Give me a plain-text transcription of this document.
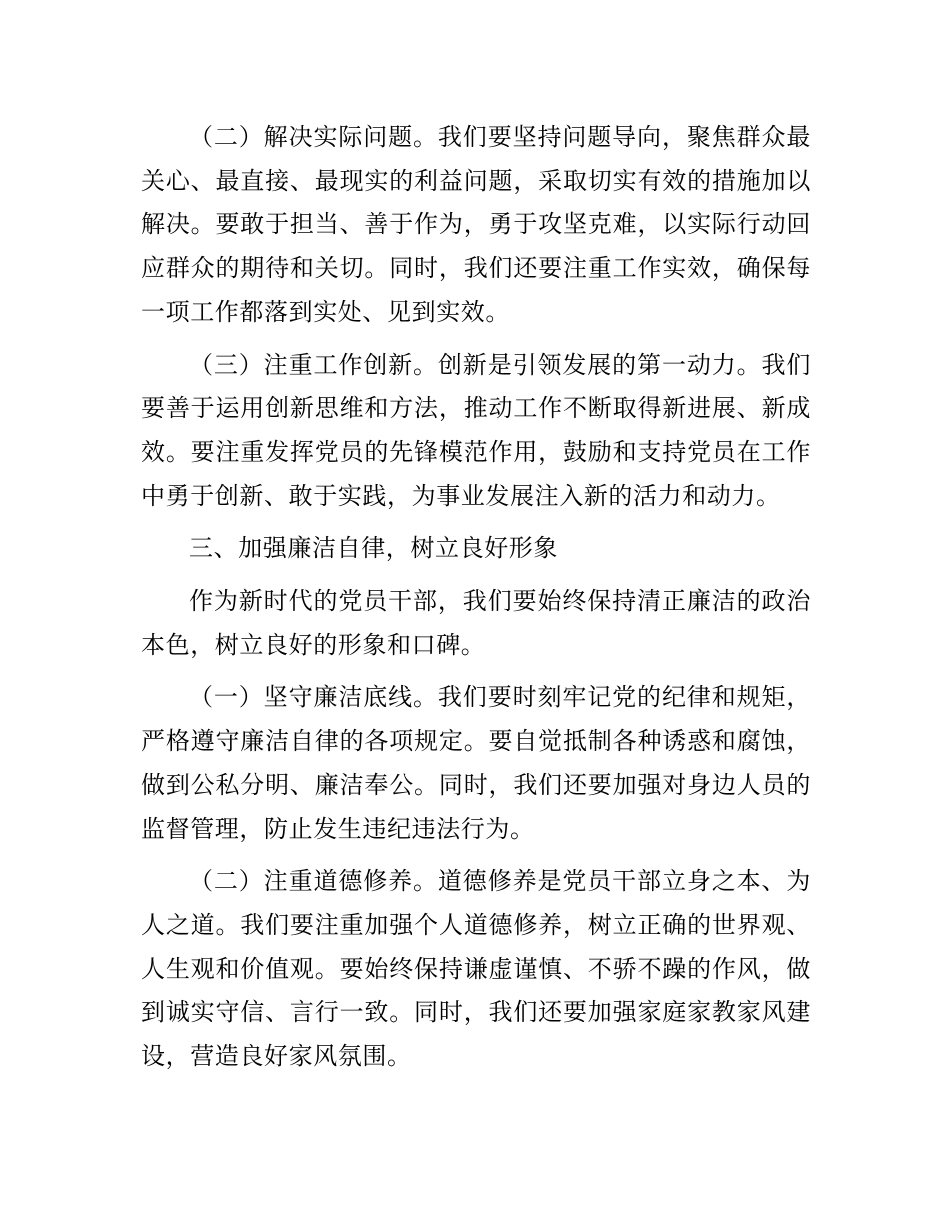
（二）解决实际问题。我们要坚持问题导向，聚焦群众最关心、最直接、最现实的利益问题，采取切实有效的措施加以解决。要敢于担当、善于作为，勇于攻坚克难，以实际行动回应群众的期待和关切。同时，我们还要注重工作实效，确保每一项工作都落到实处、见到实效。

（三）注重工作创新。创新是引领发展的第一动力。我们要善于运用创新思维和方法，推动工作不断取得新进展、新成效。要注重发挥党员的先锋模范作用，鼓励和支持党员在工作中勇于创新、敢于实践，为事业发展注入新的活力和动力。

三、加强廉洁自律，树立良好形象

作为新时代的党员干部，我们要始终保持清正廉洁的政治本色，树立良好的形象和口碑。

（一）坚守廉洁底线。我们要时刻牢记党的纪律和规矩，严格遵守廉洁自律的各项规定。要自觉抵制各种诱惑和腐蚀，做到公私分明、廉洁奉公。同时，我们还要加强对身边人员的监督管理，防止发生违纪违法行为。

（二）注重道德修养。道德修养是党员干部立身之本、为人之道。我们要注重加强个人道德修养，树立正确的世界观、人生观和价值观。要始终保持谦虚谨慎、不骄不躁的作风，做到诚实守信、言行一致。同时，我们还要加强家庭家教家风建设，营造良好家风氛围。
